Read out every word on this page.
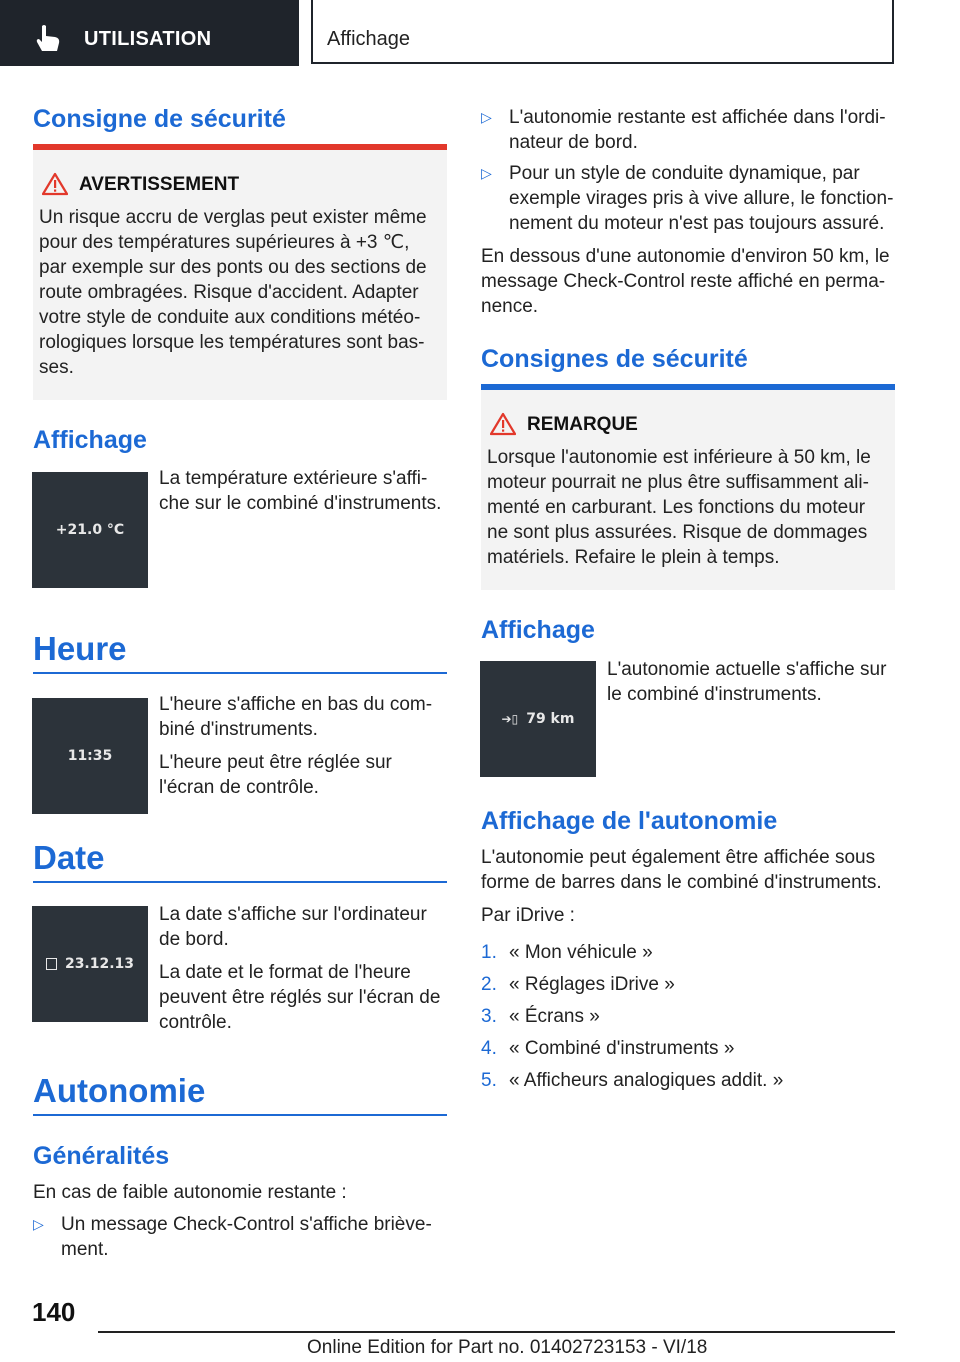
UTILISATION	Affichage
Consigne de sécurité
AVERTISSEMENT

Un risque accru de verglas peut exister même pour des températures supérieures à +3 ℃, par exemple sur des ponts ou des sections de route ombragées. Risque d'accident. Adapter votre style de conduite aux conditions météorologiques lorsque les températures sont basses.

Affichage
+21.0 °C

La température extérieure s'affiche sur le combiné d'instruments.

Heure
11:35

L'heure s'affiche en bas du combiné d'instruments.

L'heure peut être réglée sur l'écran de contrôle.

Date
23.12.13

La date s'affiche sur l'ordinateur de bord.

La date et le format de l'heure peuvent être réglés sur l'écran de contrôle.

Autonomie
Généralités

En cas de faible autonomie restante :

▷ Un message Check-Control s'affiche brièvement.
▷ L'autonomie restante est affichée dans l'ordinateur de bord.
▷ Pour un style de conduite dynamique, par exemple virages pris à vive allure, le fonctionnement du moteur n'est pas toujours assuré.

En dessous d'une autonomie d'environ 50 km, le message Check-Control reste affiché en permanence.

Consignes de sécurité
REMARQUE

Lorsque l'autonomie est inférieure à 50 km, le moteur pourrait ne plus être suffisamment alimenté en carburant. Les fonctions du moteur ne sont plus assurées. Risque de dommages matériels. Refaire le plein à temps.

Affichage
➔▯ 79 km

L'autonomie actuelle s'affiche sur le combiné d'instruments.

Affichage de l'autonomie

L'autonomie peut également être affichée sous forme de barres dans le combiné d'instruments.

Par iDrive :

1. « Mon véhicule »
2. « Réglages iDrive »
3. « Écrans »
4. « Combiné d'instruments »
5. « Afficheurs analogiques addit. »
140
Online Edition for Part no. 01402723153 - VI/18
